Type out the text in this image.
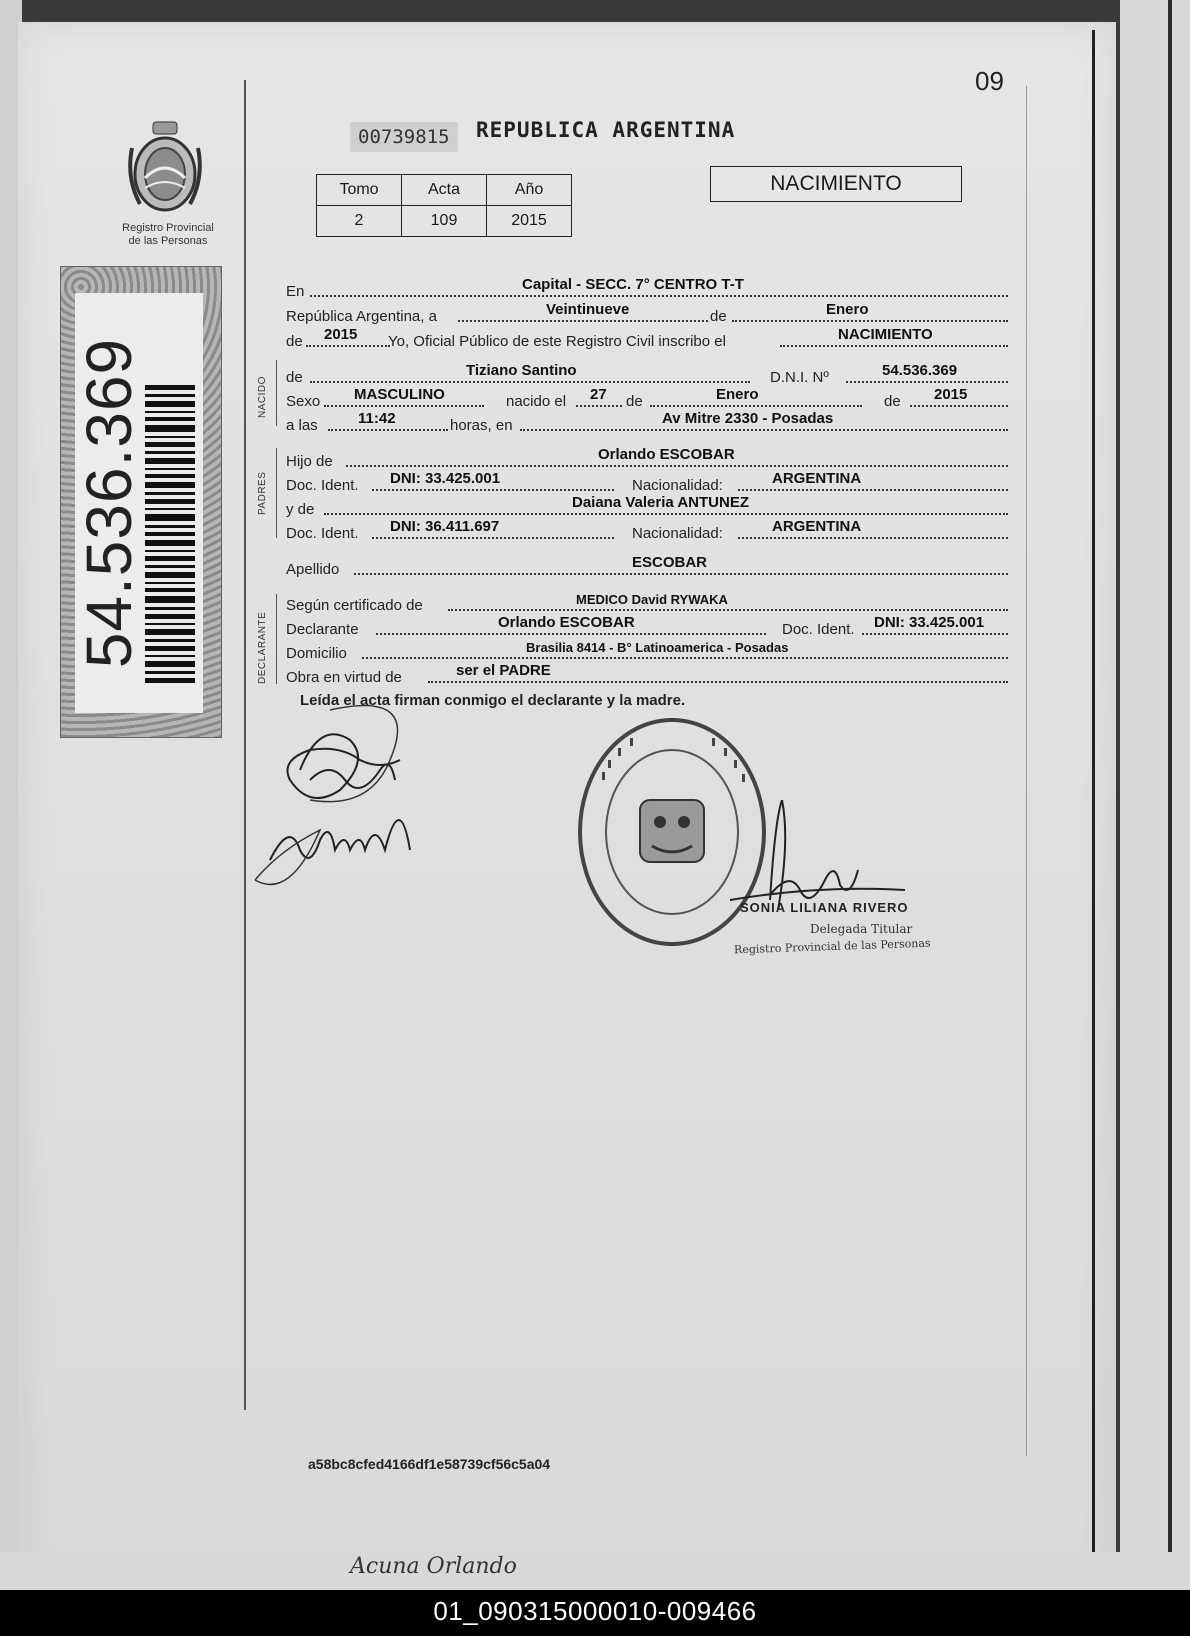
Acuna Orlando
01_090315000010-009466
Registro Provincial
de las Personas
54.536.369
09
00739815	REPUBLICA ARGENTINA
Tomo	Acta	Año
2	109	2015
NACIMIENTO
NACIDO
PADRES
DECLARANTE
En	Capital - SECC. 7° CENTRO T-T
República Argentina, a	Veintinueve	de	Enero
de 2015 Yo, Oficial Público de este Registro Civil inscribo el	NACIMIENTO
de	Tiziano Santino	D.N.I. Nº	54.536.369
Sexo MASCULINO	nacido el 27 de	Enero	de 2015
a las	11:42	horas, en	Av Mitre 2330 - Posadas
Hijo de	Orlando ESCOBAR
Doc. Ident. DNI: 33.425.001	Nacionalidad:	ARGENTINA
y de	Daiana Valeria ANTUNEZ
Doc. Ident. DNI: 36.411.697	Nacionalidad:	ARGENTINA
Apellido	ESCOBAR
Según certificado de	MEDICO David RYWAKA
Declarante	Orlando ESCOBAR	Doc. Ident. DNI: 33.425.001
Domicilio	Brasilia 8414 - B° Latinoamerica - Posadas
Obra en virtud de	ser el PADRE
Leída el acta firman conmigo el declarante y la madre.
SONIA LILIANA RIVERO
Delegada Titular
Registro Provincial de las Personas
a58bc8cfed4166df1e58739cf56c5a04
